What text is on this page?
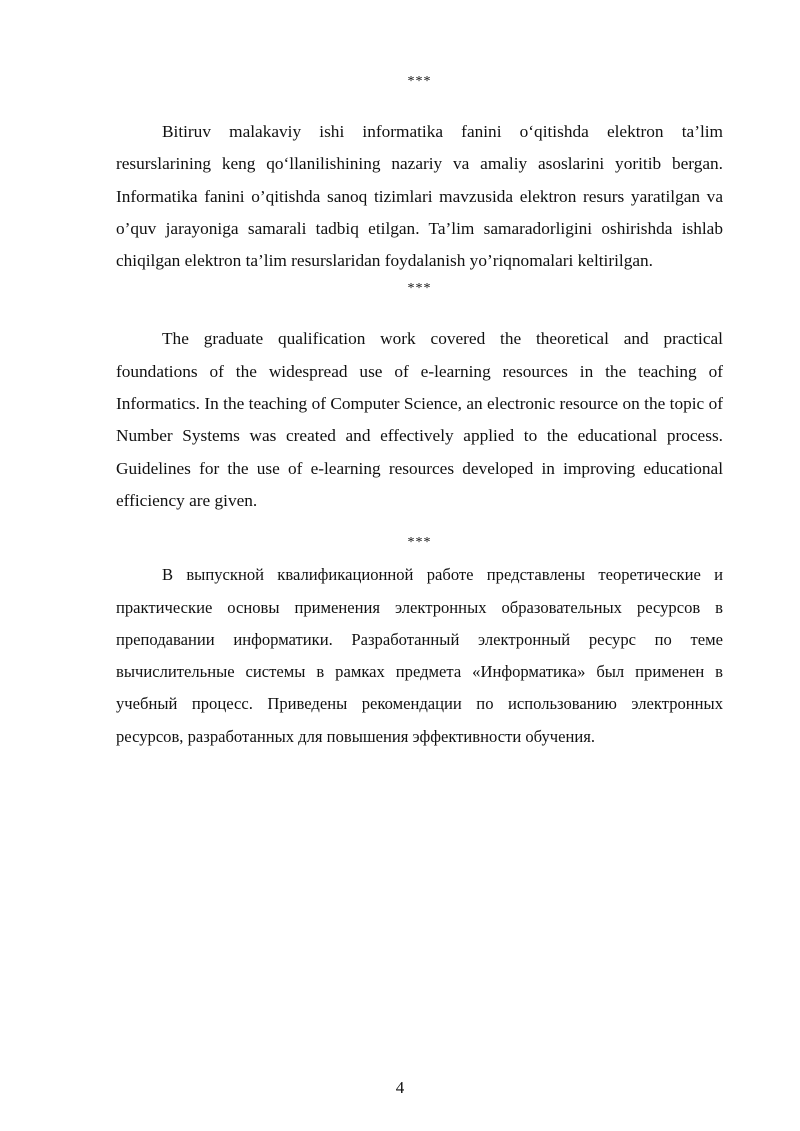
***

Bitiruv malakaviy ishi informatika fanini o‘qitishda elektron ta’lim resurslarining keng qo‘llanilishining nazariy va amaliy asoslarini yoritib bergan. Informatika fanini o’qitishda sanoq tizimlari mavzusida elektron resurs yaratilgan va o’quv jarayoniga samarali tadbiq etilgan. Ta’lim samaradorligini oshirishda ishlab chiqilgan elektron ta’lim resurslaridan foydalanish yo’riqnomalari keltirilgan.

***

The graduate qualification work covered the theoretical and practical foundations of the widespread use of e-learning resources in the teaching of Informatics. In the teaching of Computer Science, an electronic resource on the topic of Number Systems was created and effectively applied to the educational process. Guidelines for the use of e-learning resources developed in improving educational efficiency are given.

***

В выпускной квалификационной работе представлены теоретические и практические основы применения электронных образовательных ресурсов в преподавании информатики. Разработанный электронный ресурс по теме вычислительные системы в рамках предмета «Информатика» был применен в учебный процесс. Приведены рекомендации по использованию электронных ресурсов, разработанных для повышения эффективности обучения.

4
